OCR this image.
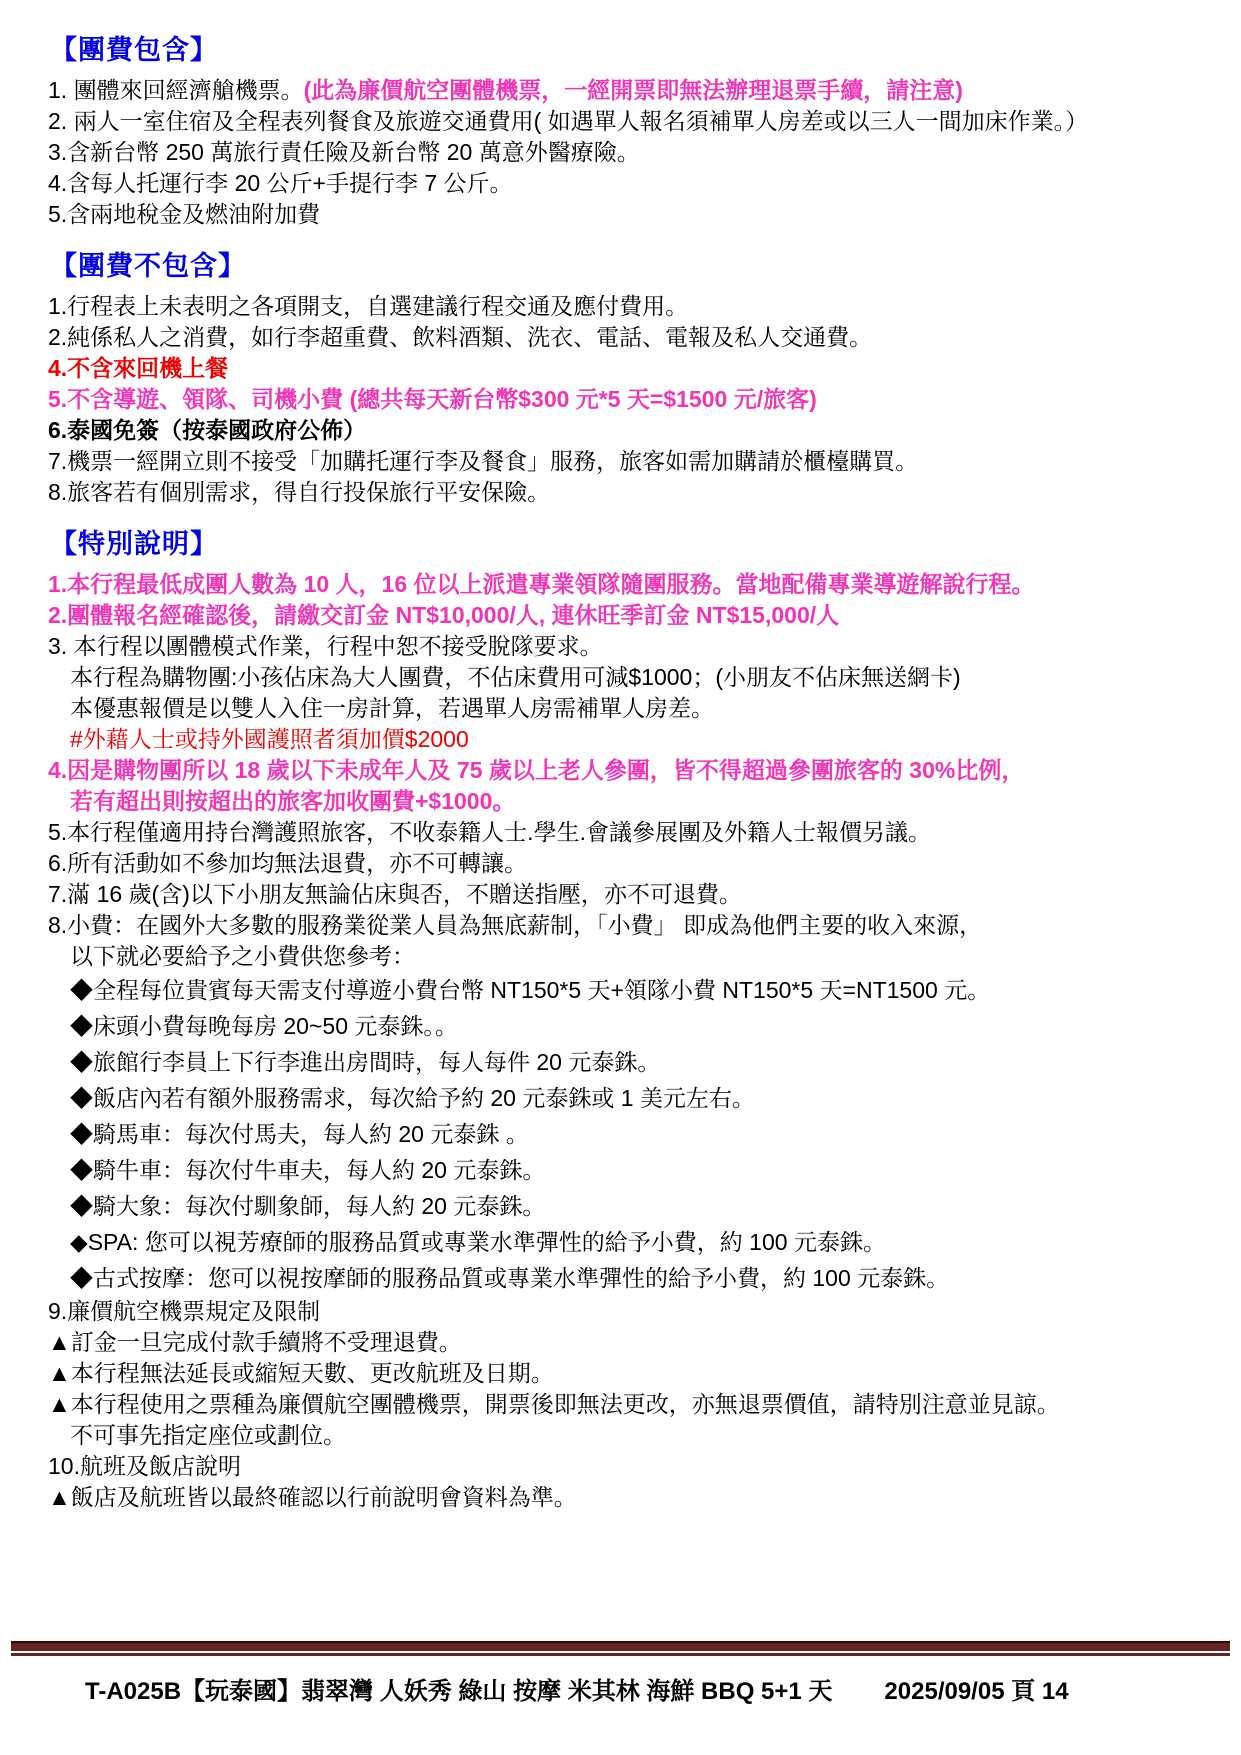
【團費包含】
1. 團體來回經濟艙機票。(此為廉價航空團體機票，一經開票即無法辦理退票手續，請注意)
2. 兩人一室住宿及全程表列餐食及旅遊交通費用( 如遇單人報名須補單人房差或以三人一間加床作業。）
3.含新台幣 250 萬旅行責任險及新台幣 20 萬意外醫療險。
4.含每人托運行李 20 公斤+手提行李 7 公斤。
5.含兩地稅金及燃油附加費
【團費不包含】
1.行程表上未表明之各項開支，自選建議行程交通及應付費用。
2.純係私人之消費，如行李超重費、飲料酒類、洗衣、電話、電報及私人交通費。
4.不含來回機上餐
5.不含導遊、領隊、司機小費 (總共每天新台幣$300 元*5 天=$1500 元/旅客)
6.泰國免簽（按泰國政府公佈）
7.機票一經開立則不接受「加購托運行李及餐食」服務，旅客如需加購請於櫃檯購買。
8.旅客若有個別需求，得自行投保旅行平安保險。
【特別說明】
1.本行程最低成團人數為 10 人，16 位以上派遣專業領隊隨團服務。當地配備專業導遊解說行程。
2.團體報名經確認後，請繳交訂金 NT$10,000/人, 連休旺季訂金 NT$15,000/人
3. 本行程以團體模式作業，行程中恕不接受脫隊要求。
本行程為購物團:小孩佔床為大人團費，不佔床費用可減$1000；(小朋友不佔床無送網卡)
本優惠報價是以雙人入住一房計算，若遇單人房需補單人房差。
#外藉人士或持外國護照者須加價$2000
4.因是購物團所以 18 歲以下未成年人及 75 歲以上老人參團，皆不得超過參團旅客的 30%比例，
若有超出則按超出的旅客加收團費+$1000。
5.本行程僅適用持台灣護照旅客，不收泰籍人士.學生.會議參展團及外籍人士報價另議。
6.所有活動如不參加均無法退費，亦不可轉讓。
7.滿 16 歲(含)以下小朋友無論佔床與否，不贈送指壓，亦不可退費。
8.小費：在國外大多數的服務業從業人員為無底薪制，「小費」 即成為他們主要的收入來源，
以下就必要給予之小費供您參考：
◆全程每位貴賓每天需支付導遊小費台幣 NT150*5 天+領隊小費 NT150*5 天=NT1500 元。
◆床頭小費每晚每房 20~50 元泰銖。。
◆旅館行李員上下行李進出房間時，每人每件 20 元泰銖。
◆飯店內若有額外服務需求，每次給予約 20 元泰銖或 1 美元左右。
◆騎馬車：每次付馬夫，每人約 20 元泰銖 。
◆騎牛車：每次付牛車夫，每人約 20 元泰銖。
◆騎大象：每次付馴象師，每人約 20 元泰銖。
◆SPA: 您可以視芳療師的服務品質或專業水準彈性的給予小費，約 100 元泰銖。
◆古式按摩：您可以視按摩師的服務品質或專業水準彈性的給予小費，約 100 元泰銖。
9.廉價航空機票規定及限制
▲訂金一旦完成付款手續將不受理退費。
▲本行程無法延長或縮短天數、更改航班及日期。
▲本行程使用之票種為廉價航空團體機票，開票後即無法更改，亦無退票價值，請特別注意並見諒。
不可事先指定座位或劃位。
10.航班及飯店說明
▲飯店及航班皆以最終確認以行前說明會資料為準。
T-A025B【玩泰國】翡翠灣 人妖秀 綠山 按摩 米其林 海鮮 BBQ 5+1 天 2025/09/05 頁 14
